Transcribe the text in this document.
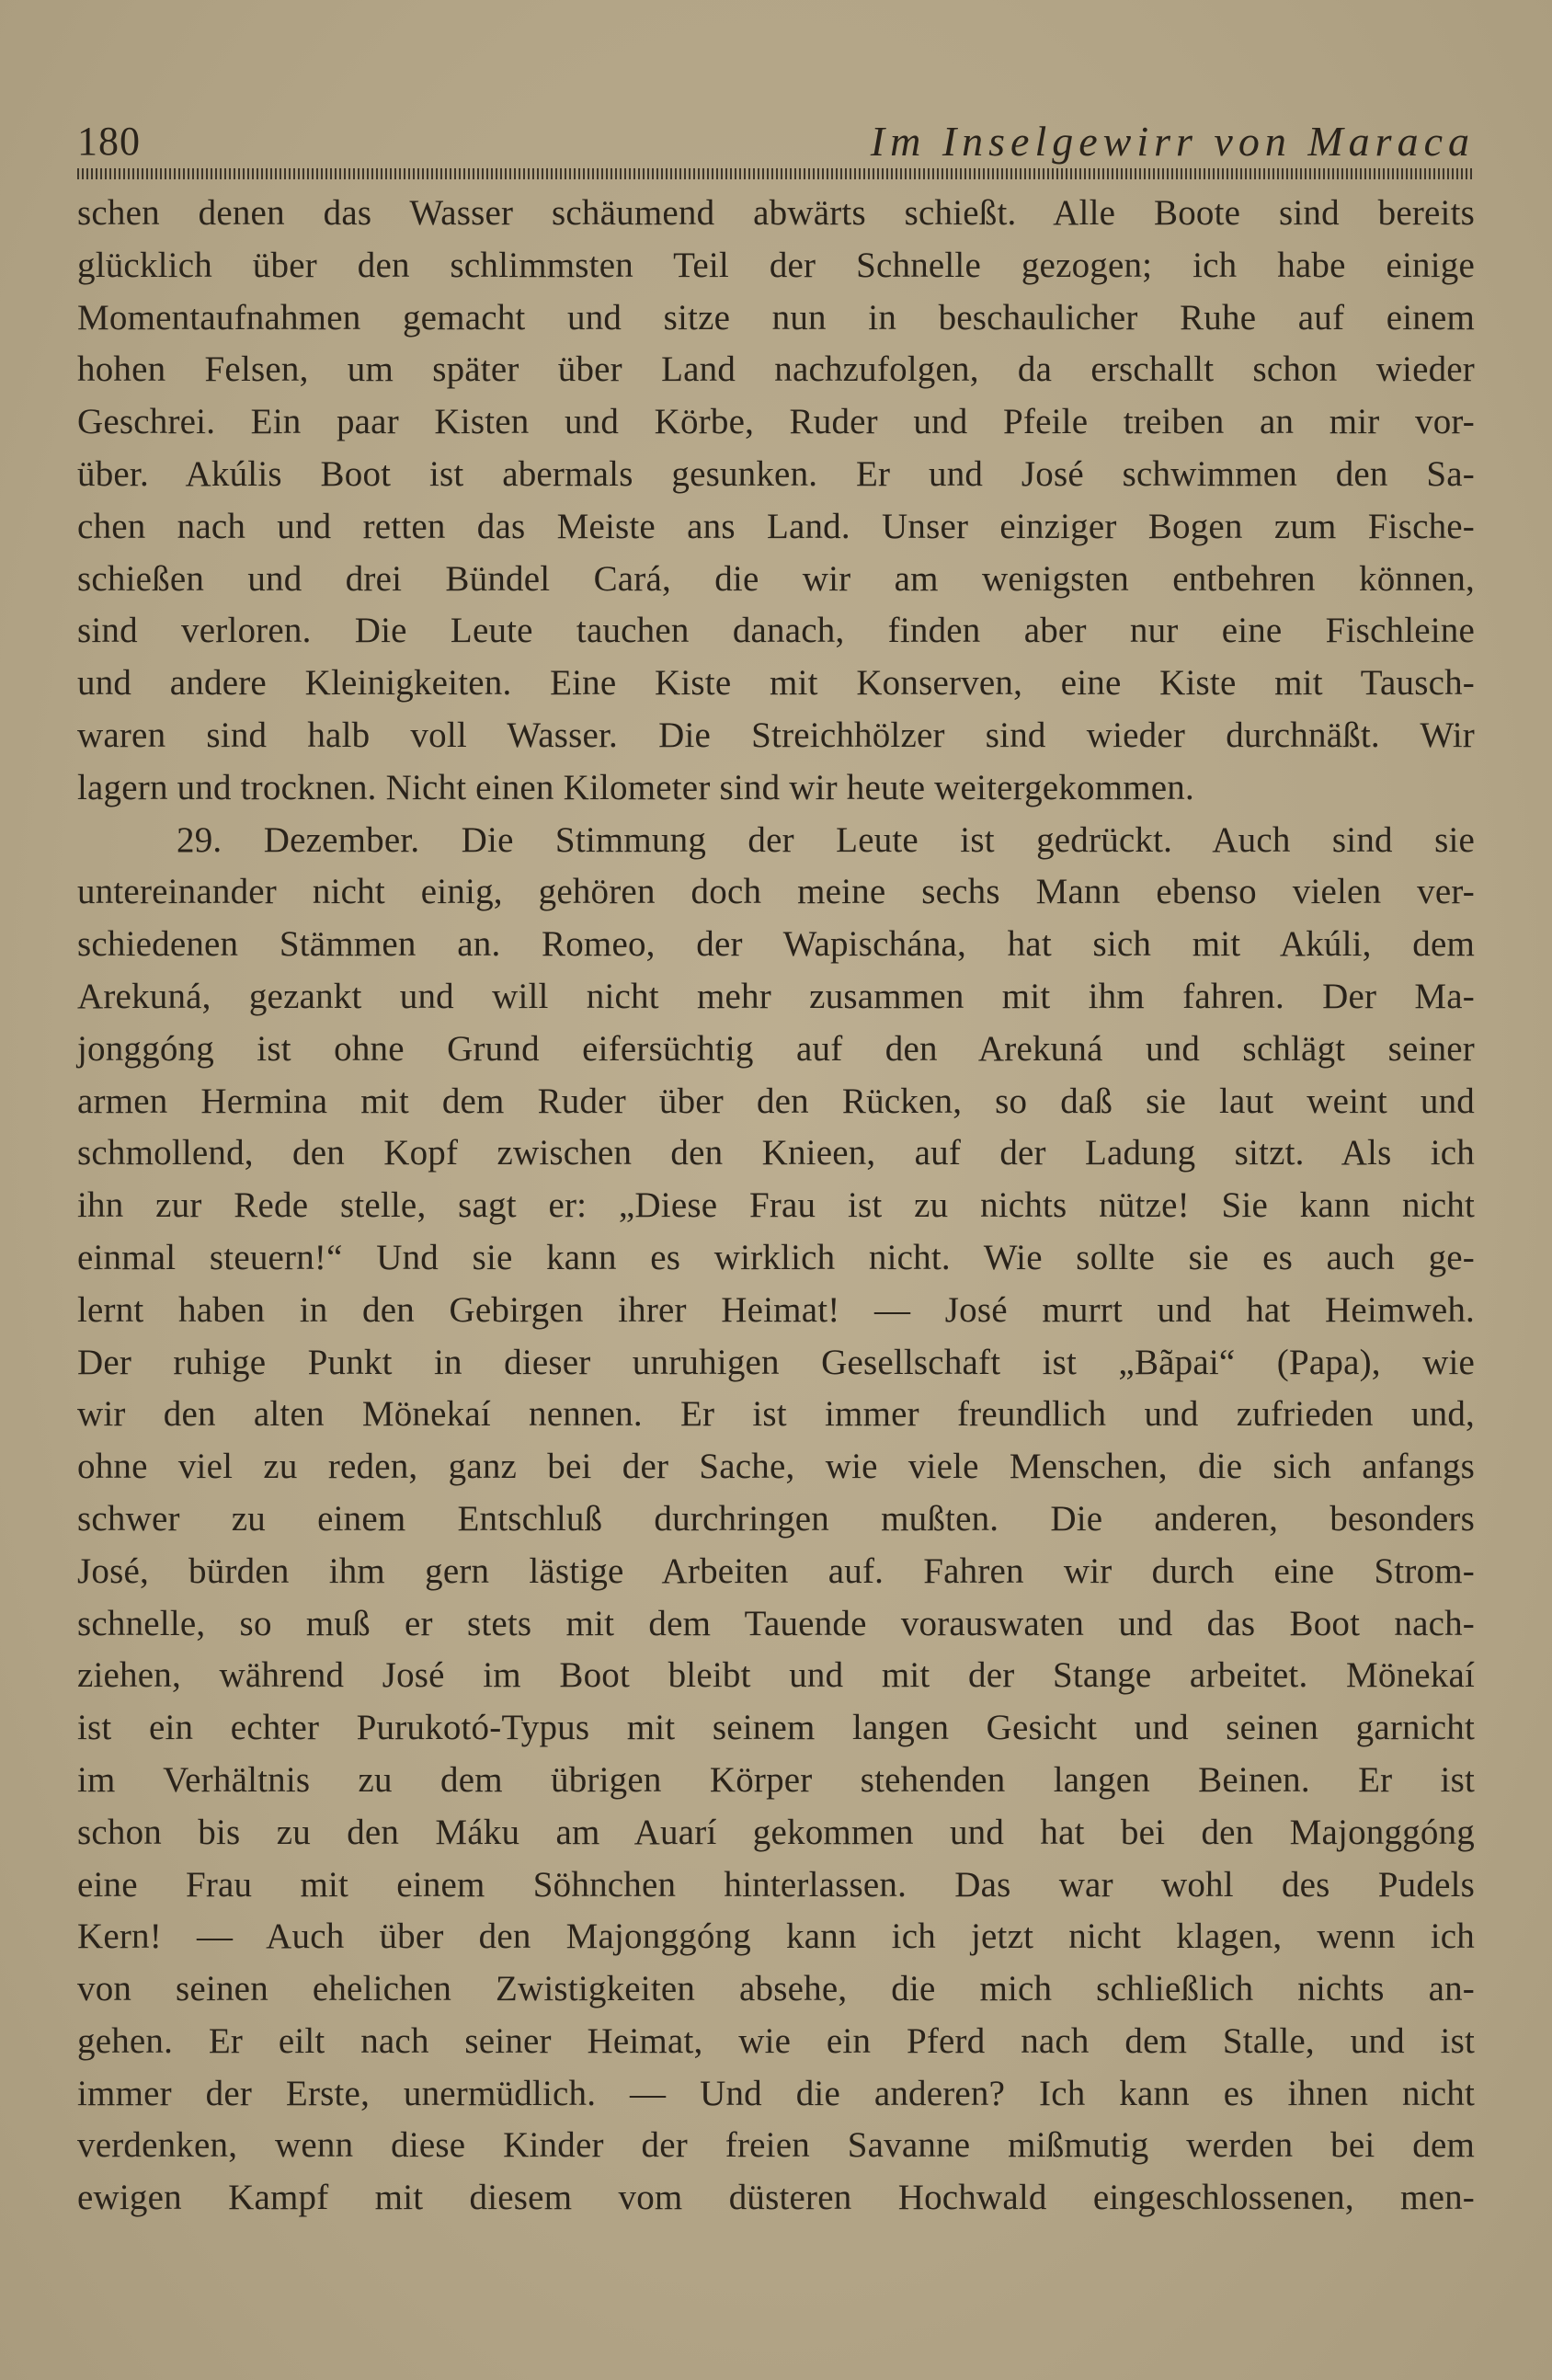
180	Im Inselgewirr von Maraca
schen denen das Wasser schäumend abwärts schießt. Alle Boote sind bereits
glücklich über den schlimmsten Teil der Schnelle gezogen; ich habe einige
Momentaufnahmen gemacht und sitze nun in beschaulicher Ruhe auf einem
hohen Felsen, um später über Land nachzufolgen, da erschallt schon wieder
Geschrei. Ein paar Kisten und Körbe, Ruder und Pfeile treiben an mir vor-
über. Akúlis Boot ist abermals gesunken. Er und José schwimmen den Sa-
chen nach und retten das Meiste ans Land. Unser einziger Bogen zum Fische-
schießen und drei Bündel Cará, die wir am wenigsten entbehren können,
sind verloren. Die Leute tauchen danach, finden aber nur eine Fischleine
und andere Kleinigkeiten. Eine Kiste mit Konserven, eine Kiste mit Tausch-
waren sind halb voll Wasser. Die Streichhölzer sind wieder durchnäßt. Wir
lagern und trocknen. Nicht einen Kilometer sind wir heute weitergekommen.
29. Dezember. Die Stimmung der Leute ist gedrückt. Auch sind sie
untereinander nicht einig, gehören doch meine sechs Mann ebenso vielen ver-
schiedenen Stämmen an. Romeo, der Wapischána, hat sich mit Akúli, dem
Arekuná, gezankt und will nicht mehr zusammen mit ihm fahren. Der Ma-
jonggóng ist ohne Grund eifersüchtig auf den Arekuná und schlägt seiner
armen Hermina mit dem Ruder über den Rücken, so daß sie laut weint und
schmollend, den Kopf zwischen den Knieen, auf der Ladung sitzt. Als ich
ihn zur Rede stelle, sagt er: „Diese Frau ist zu nichts nütze! Sie kann nicht
einmal steuern!“ Und sie kann es wirklich nicht. Wie sollte sie es auch ge-
lernt haben in den Gebirgen ihrer Heimat! — José murrt und hat Heimweh.
Der ruhige Punkt in dieser unruhigen Gesellschaft ist „Bãpai“ (Papa), wie
wir den alten Mönekaí nennen. Er ist immer freundlich und zufrieden und,
ohne viel zu reden, ganz bei der Sache, wie viele Menschen, die sich anfangs
schwer zu einem Entschluß durchringen mußten. Die anderen, besonders
José, bürden ihm gern lästige Arbeiten auf. Fahren wir durch eine Strom-
schnelle, so muß er stets mit dem Tauende vorauswaten und das Boot nach-
ziehen, während José im Boot bleibt und mit der Stange arbeitet. Mönekaí
ist ein echter Purukotó-Typus mit seinem langen Gesicht und seinen garnicht
im Verhältnis zu dem übrigen Körper stehenden langen Beinen. Er ist
schon bis zu den Máku am Auarí gekommen und hat bei den Majonggóng
eine Frau mit einem Söhnchen hinterlassen. Das war wohl des Pudels
Kern! — Auch über den Majonggóng kann ich jetzt nicht klagen, wenn ich
von seinen ehelichen Zwistigkeiten absehe, die mich schließlich nichts an-
gehen. Er eilt nach seiner Heimat, wie ein Pferd nach dem Stalle, und ist
immer der Erste, unermüdlich. — Und die anderen? Ich kann es ihnen nicht
verdenken, wenn diese Kinder der freien Savanne mißmutig werden bei dem
ewigen Kampf mit diesem vom düsteren Hochwald eingeschlossenen, men-
